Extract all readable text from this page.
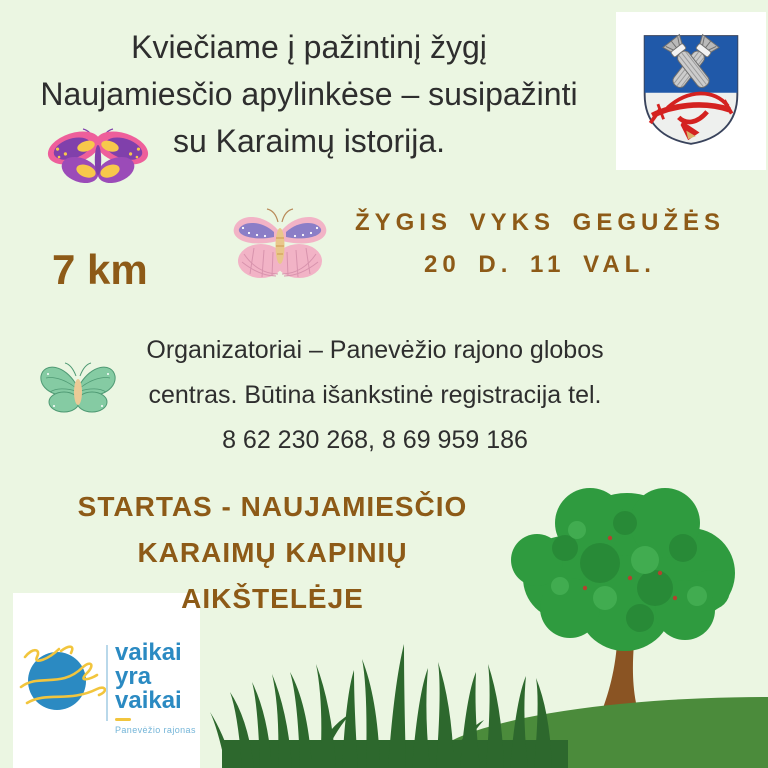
Kviečiame į pažintinį žygį
Naujamiesčio apylinkėse – susipažinti
su Karaimų istorija.
7 km
ŽYGIS VYKS GEGUŽĖS
20 D. 11 VAL.
Organizatoriai – Panevėžio rajono globos
centras. Būtina išankstinė registracija tel.
8 62 230 268, 8 69 959 186
STARTAS - NAUJAMIESČIO
KARAIMŲ KAPINIŲ
AIKŠTELĖJE
vaikai
yra
vaikai
Panevėžio rajonas
